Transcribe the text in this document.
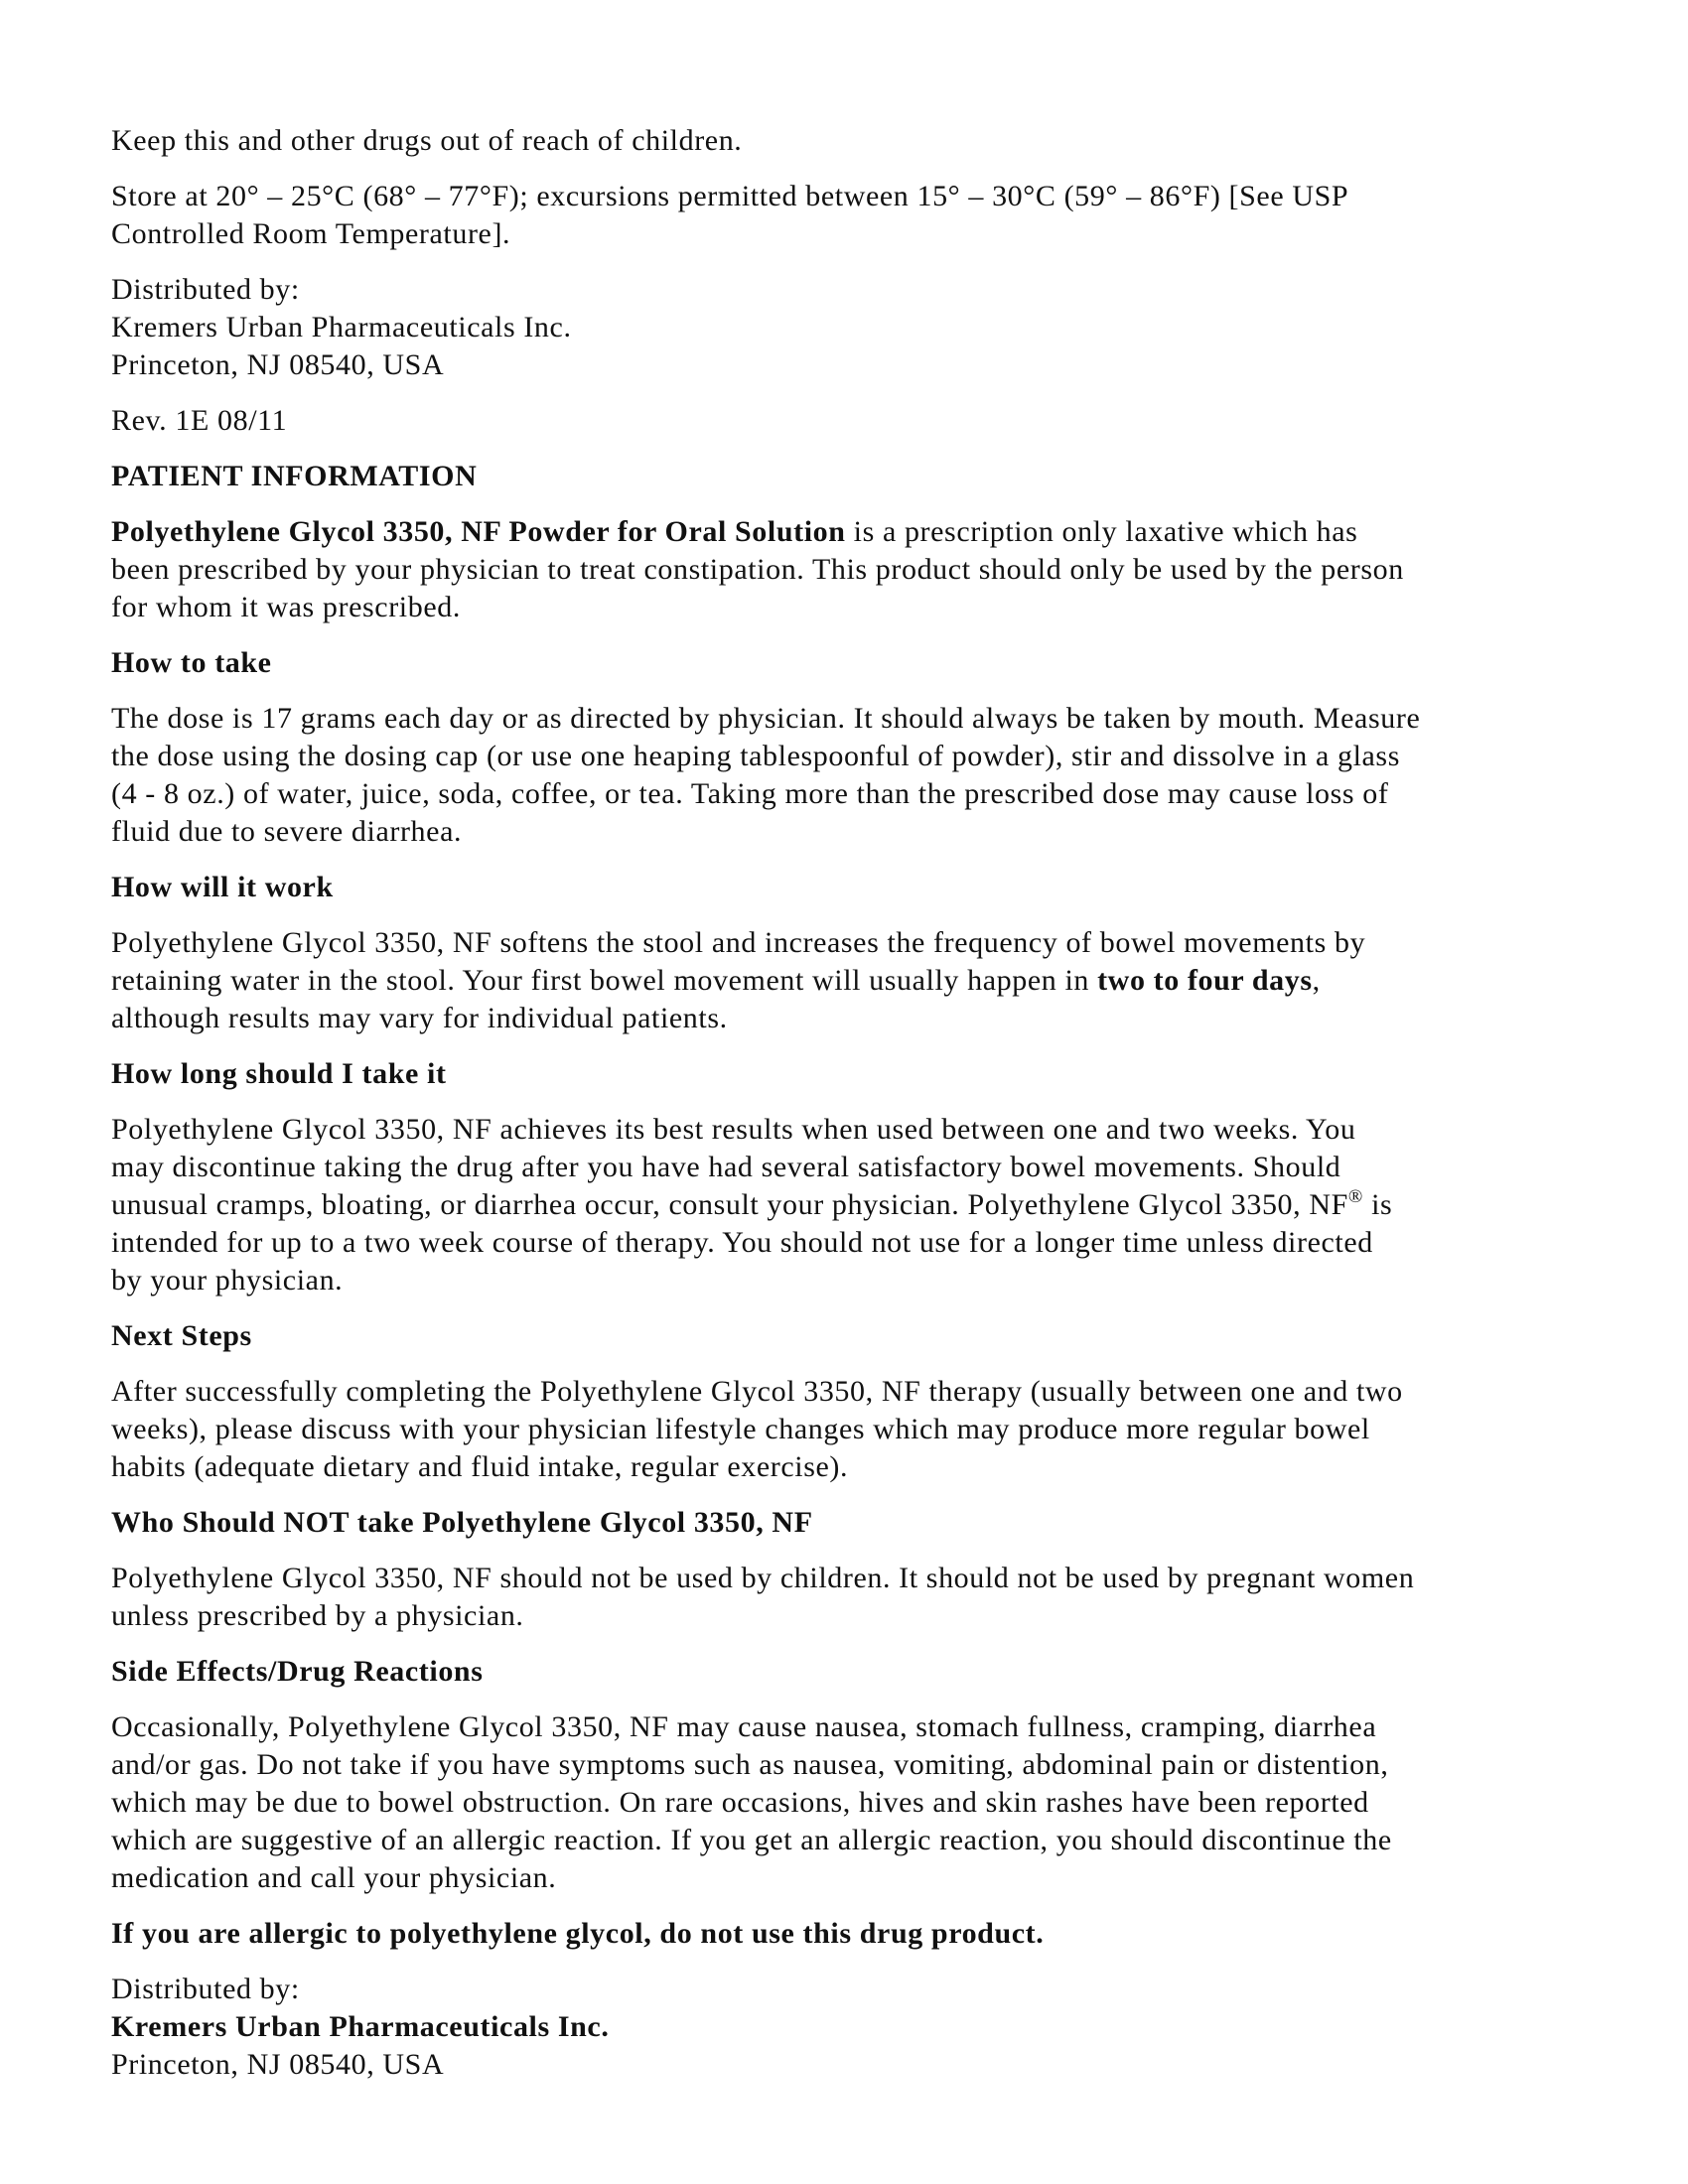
Keep this and other drugs out of reach of children.
Store at 20° – 25°C (68° – 77°F); excursions permitted between 15° – 30°C (59° – 86°F) [See USP
Controlled Room Temperature].
Distributed by:
Kremers Urban Pharmaceuticals Inc.
Princeton, NJ 08540, USA
Rev. 1E 08/11
PATIENT INFORMATION
Polyethylene Glycol 3350, NF Powder for Oral Solution is a prescription only laxative which has
been prescribed by your physician to treat constipation. This product should only be used by the person
for whom it was prescribed.
How to take
The dose is 17 grams each day or as directed by physician. It should always be taken by mouth. Measure
the dose using the dosing cap (or use one heaping tablespoonful of powder), stir and dissolve in a glass
(4 - 8 oz.) of water, juice, soda, coffee, or tea. Taking more than the prescribed dose may cause loss of
fluid due to severe diarrhea.
How will it work
Polyethylene Glycol 3350, NF softens the stool and increases the frequency of bowel movements by
retaining water in the stool. Your first bowel movement will usually happen in two to four days,
although results may vary for individual patients.
How long should I take it
Polyethylene Glycol 3350, NF achieves its best results when used between one and two weeks. You
may discontinue taking the drug after you have had several satisfactory bowel movements. Should
unusual cramps, bloating, or diarrhea occur, consult your physician. Polyethylene Glycol 3350, NF® is
intended for up to a two week course of therapy. You should not use for a longer time unless directed
by your physician.
Next Steps
After successfully completing the Polyethylene Glycol 3350, NF therapy (usually between one and two
weeks), please discuss with your physician lifestyle changes which may produce more regular bowel
habits (adequate dietary and fluid intake, regular exercise).
Who Should NOT take Polyethylene Glycol 3350, NF
Polyethylene Glycol 3350, NF should not be used by children. It should not be used by pregnant women
unless prescribed by a physician.
Side Effects/Drug Reactions
Occasionally, Polyethylene Glycol 3350, NF may cause nausea, stomach fullness, cramping, diarrhea
and/or gas. Do not take if you have symptoms such as nausea, vomiting, abdominal pain or distention,
which may be due to bowel obstruction. On rare occasions, hives and skin rashes have been reported
which are suggestive of an allergic reaction. If you get an allergic reaction, you should discontinue the
medication and call your physician.
If you are allergic to polyethylene glycol, do not use this drug product.
Distributed by:
Kremers Urban Pharmaceuticals Inc.
Princeton, NJ 08540, USA
